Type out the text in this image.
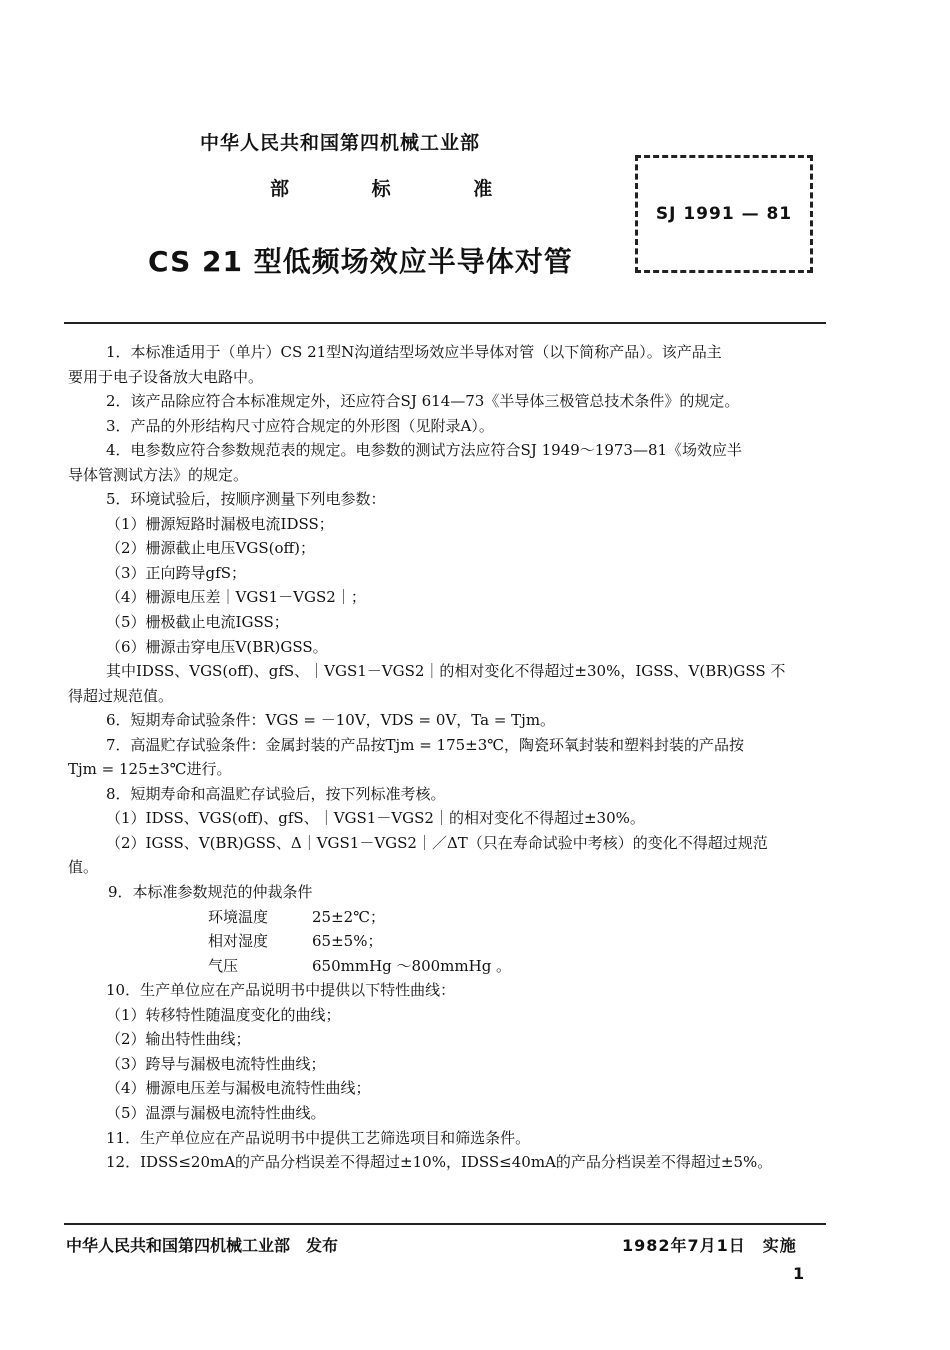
中华人民共和国第四机械工业部
部 标 准
CS 21 型低频场效应半导体对管
SJ 1991 — 81
1．本标准适用于（单片）CS 21型N沟道结型场效应半导体对管（以下简称产品）。该产品主
要用于电子设备放大电路中。
2．该产品除应符合本标准规定外，还应符合SJ 614—73《半导体三极管总技术条件》的规定。
3．产品的外形结构尺寸应符合规定的外形图（见附录A）。
4．电参数应符合参数规范表的规定。电参数的测试方法应符合SJ 1949～1973—81《场效应半
导体管测试方法》的规定。
5．环境试验后，按顺序测量下列电参数：
（1）栅源短路时漏极电流IDSS；
（2）栅源截止电压VGS(off)；
（3）正向跨导gfS；
（4）栅源电压差｜VGS1－VGS2｜；
（5）栅极截止电流IGSS；
（6）栅源击穿电压V(BR)GSS。
其中IDSS、VGS(off)、gfS、｜VGS1－VGS2｜的相对变化不得超过±30%，IGSS、V(BR)GSS 不
得超过规范值。
6．短期寿命试验条件：VGS = －10V，VDS = 0V，Ta = Tjm。
7．高温贮存试验条件：金属封装的产品按Tjm = 175±3℃，陶瓷环氧封装和塑料封装的产品按
Tjm = 125±3℃进行。
8．短期寿命和高温贮存试验后，按下列标准考核。
（1）IDSS、VGS(off)、gfS、｜VGS1－VGS2｜的相对变化不得超过±30%。
（2）IGSS、V(BR)GSS、Δ｜VGS1－VGS2｜／ΔT（只在寿命试验中考核）的变化不得超过规范
值。
9．本标准参数规范的仲裁条件
环境温度	25±2℃；
相对湿度	65±5%；
气压	650mmHg ～800mmHg 。
10．生产单位应在产品说明书中提供以下特性曲线：
（1）转移特性随温度变化的曲线；
（2）输出特性曲线；
（3）跨导与漏极电流特性曲线；
（4）栅源电压差与漏极电流特性曲线；
（5）温漂与漏极电流特性曲线。
11．生产单位应在产品说明书中提供工艺筛选项目和筛选条件。
12．IDSS≤20mA的产品分档误差不得超过±10%，IDSS≤40mA的产品分档误差不得超过±5%。
中华人民共和国第四机械工业部　发布	1982年7月1日　实施
1
